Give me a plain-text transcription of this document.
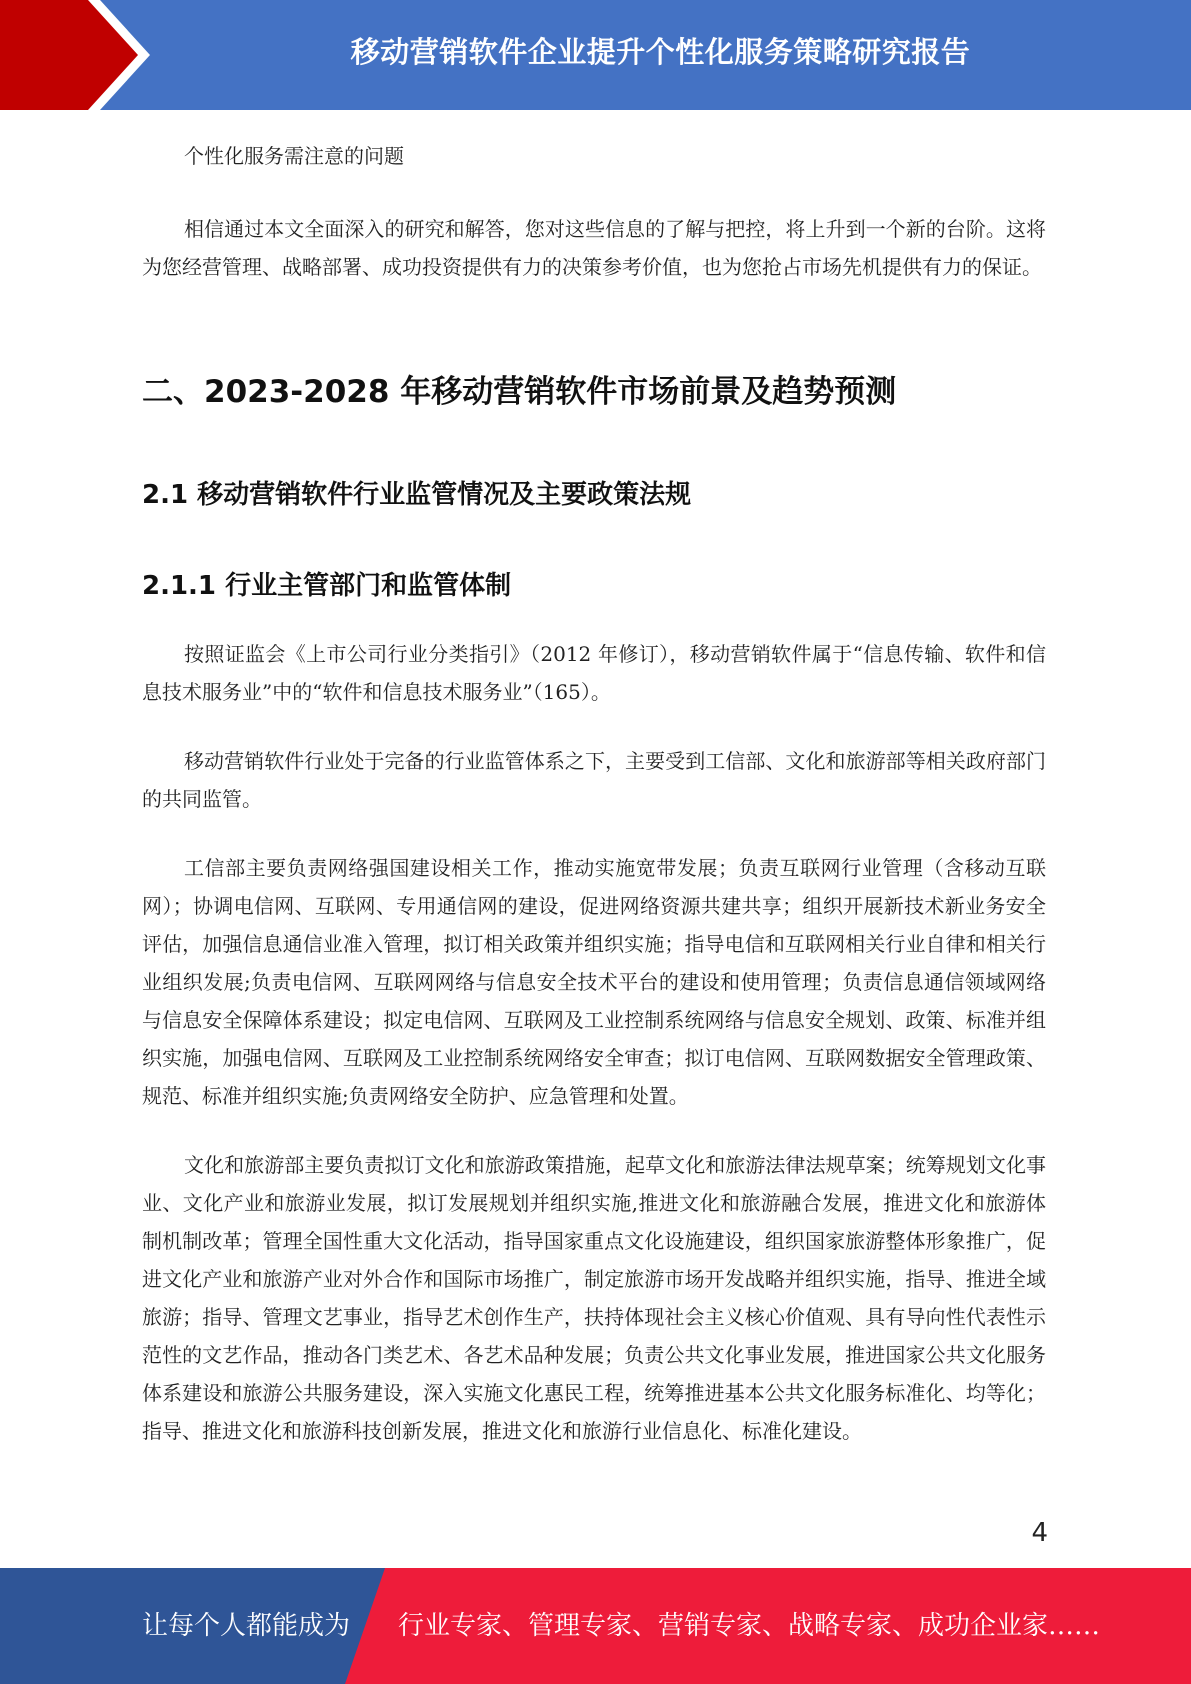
移动营销软件企业提升个性化服务策略研究报告

个性化服务需注意的问题

相信通过本文全面深入的研究和解答，您对这些信息的了解与把控，将上升到一个新的台阶。这将为您经营管理、战略部署、成功投资提供有力的决策参考价值，也为您抢占市场先机提供有力的保证。

二、2023-2028 年移动营销软件市场前景及趋势预测
2.1 移动营销软件行业监管情况及主要政策法规
2.1.1 行业主管部门和监管体制

按照证监会《上市公司行业分类指引》（2012 年修订），移动营销软件属于“信息传输、软件和信息技术服务业”中的“软件和信息技术服务业”（165）。

移动营销软件行业处于完备的行业监管体系之下，主要受到工信部、文化和旅游部等相关政府部门的共同监管。

工信部主要负责网络强国建设相关工作，推动实施宽带发展；负责互联网行业管理（含移动互联网）；协调电信网、互联网、专用通信网的建设，促进网络资源共建共享；组织开展新技术新业务安全评估，加强信息通信业准入管理，拟订相关政策并组织实施；指导电信和互联网相关行业自律和相关行业组织发展;负责电信网、互联网网络与信息安全技术平台的建设和使用管理；负责信息通信领域网络与信息安全保障体系建设；拟定电信网、互联网及工业控制系统网络与信息安全规划、政策、标准并组织实施，加强电信网、互联网及工业控制系统网络安全审查；拟订电信网、互联网数据安全管理政策、规范、标准并组织实施;负责网络安全防护、应急管理和处置。

文化和旅游部主要负责拟订文化和旅游政策措施，起草文化和旅游法律法规草案；统筹规划文化事业、文化产业和旅游业发展，拟订发展规划并组织实施,推进文化和旅游融合发展，推进文化和旅游体制机制改革；管理全国性重大文化活动，指导国家重点文化设施建设，组织国家旅游整体形象推广，促进文化产业和旅游产业对外合作和国际市场推广，制定旅游市场开发战略并组织实施，指导、推进全域旅游；指导、管理文艺事业，指导艺术创作生产，扶持体现社会主义核心价值观、具有导向性代表性示范性的文艺作品，推动各门类艺术、各艺术品种发展；负责公共文化事业发展，推进国家公共文化服务体系建设和旅游公共服务建设，深入实施文化惠民工程，统筹推进基本公共文化服务标准化、均等化；指导、推进文化和旅游科技创新发展，推进文化和旅游行业信息化、标准化建设。

4
让每个人都能成为 行业专家、管理专家、营销专家、战略专家、成功企业家……
